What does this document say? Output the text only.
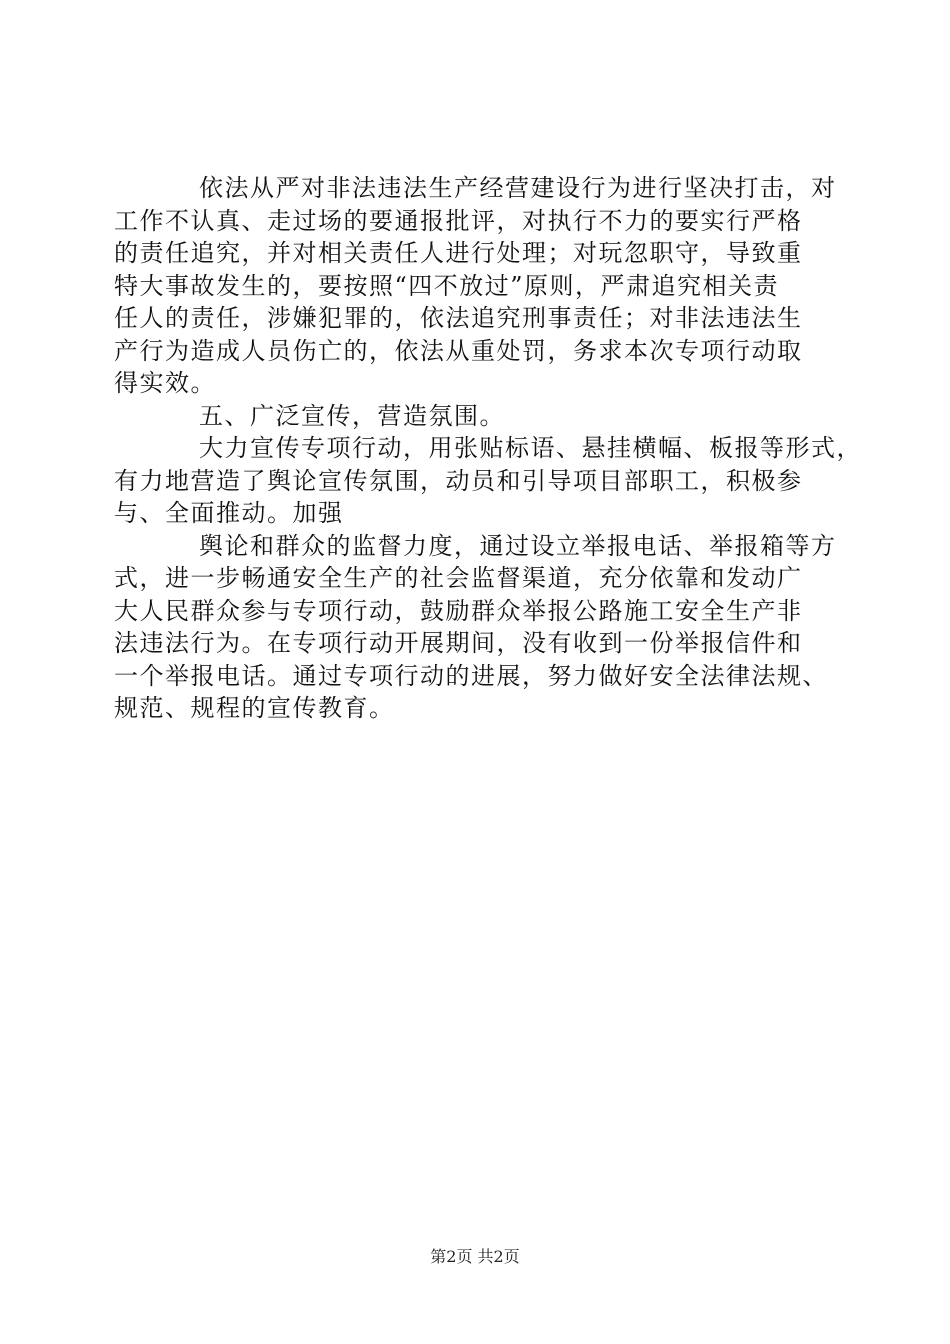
　　依法从严对非法违法生产经营建设行为进行坚决打击，对

工作不认真、走过场的要通报批评，对执行不力的要实行严格

的责任追究，并对相关责任人进行处理；对玩忽职守，导致重

特大事故发生的，要按照“四不放过”原则，严肃追究相关责

任人的责任，涉嫌犯罪的，依法追究刑事责任；对非法违法生

产行为造成人员伤亡的，依法从重处罚，务求本次专项行动取

得实效。

　　五、广泛宣传，营造氛围。

　　大力宣传专项行动，用张贴标语、悬挂横幅、板报等形式，

有力地营造了舆论宣传氛围，动员和引导项目部职工，积极参

与、全面推动。加强

　　舆论和群众的监督力度，通过设立举报电话、举报箱等方

式，进一步畅通安全生产的社会监督渠道，充分依靠和发动广

大人民群众参与专项行动，鼓励群众举报公路施工安全生产非

法违法行为。在专项行动开展期间，没有收到一份举报信件和

一个举报电话。通过专项行动的进展，努力做好安全法律法规、

规范、规程的宣传教育。

第2页 共2页
